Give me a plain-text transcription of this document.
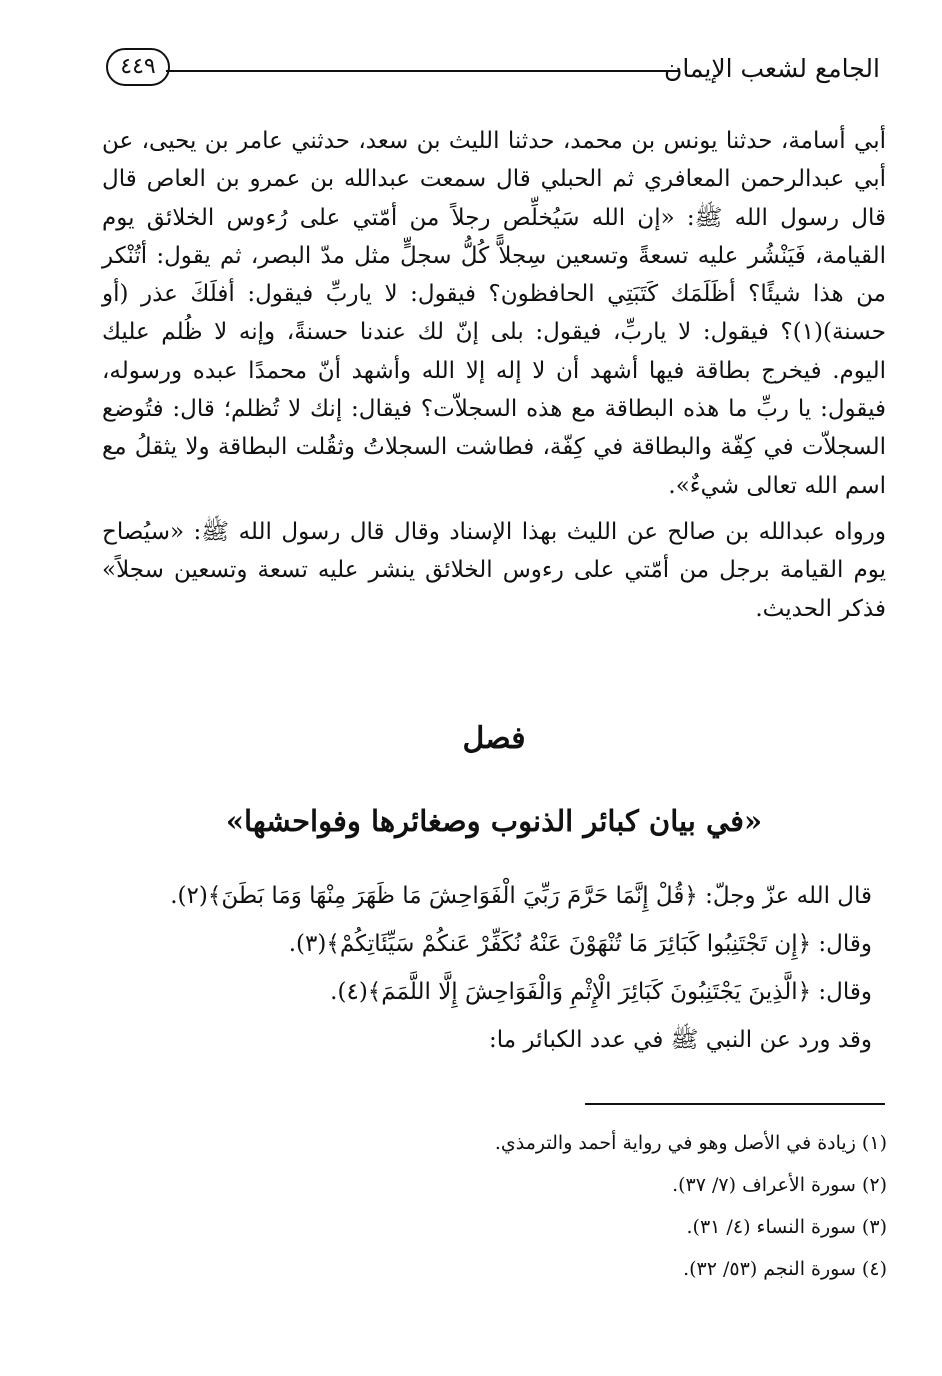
الجامع لشعب الإيمان
٤٤٩

أبي أسامة، حدثنا يونس بن محمد، حدثنا الليث بن سعد، حدثني عامر بن يحيى، عن أبي عبدالرحمن المعافري ثم الحبلي قال سمعت عبدالله بن عمرو بن العاص قال قال رسول الله ﷺ: «إن الله سَيُخلِّص رجلاً من أمّتي على رُءوس الخلائق يوم القيامة، فَيَنْشُر عليه تسعةً وتسعين سِجلاًّ كُلُّ سجلٍّ مثل مدّ البصر، ثم يقول: أتُنْكر من هذا شيئًا؟ أظَلَمَك كَتَبَتِي الحافظون؟ فيقول: لا ياربِّ فيقول: أفلَكَ عذر (أو حسنة)(١)؟ فيقول: لا ياربِّ، فيقول: بلى إنّ لك عندنا حسنةً، وإنه لا ظُلم عليك اليوم. فيخرج بطاقة فيها أشهد أن لا إله إلا الله وأشهد أنّ محمدًا عبده ورسوله، فيقول: يا ربِّ ما هذه البطاقة مع هذه السجلاّت؟ فيقال: إنك لا تُظلم؛ قال: فتُوضع السجلاّت في كِفّة والبطاقة في كِفّة، فطاشت السجلاتُ وثقُلت البطاقة ولا يثقلُ مع اسم الله تعالى شيءٌ».

ورواه عبدالله بن صالح عن الليث بهذا الإسناد وقال قال رسول الله ﷺ: «سيُصاح يوم القيامة برجل من أمّتي على رءوس الخلائق ينشر عليه تسعة وتسعين سجلاً» فذكر الحديث.

فصل
«في بيان كبائر الذنوب وصغائرها وفواحشها»

قال الله عزّ وجلّ: ﴿قُلْ إِنَّمَا حَرَّمَ رَبِّيَ الْفَوَاحِشَ مَا ظَهَرَ مِنْهَا وَمَا بَطَنَ﴾(٢).

وقال: ﴿إِن تَجْتَنِبُوا كَبَائِرَ مَا تُنْهَوْنَ عَنْهُ نُكَفِّرْ عَنكُمْ سَيِّئَاتِكُمْ﴾(٣).

وقال: ﴿الَّذِينَ يَجْتَنِبُونَ كَبَائِرَ الْإِثْمِ وَالْفَوَاحِشَ إِلَّا اللَّمَمَ﴾(٤).

وقد ورد عن النبي ﷺ في عدد الكبائر ما:

(١) زيادة في الأصل وهو في رواية أحمد والترمذي.

(٢) سورة الأعراف (٧/ ٣٧).

(٣) سورة النساء (٤/ ٣١).

(٤) سورة النجم (٥٣/ ٣٢).
